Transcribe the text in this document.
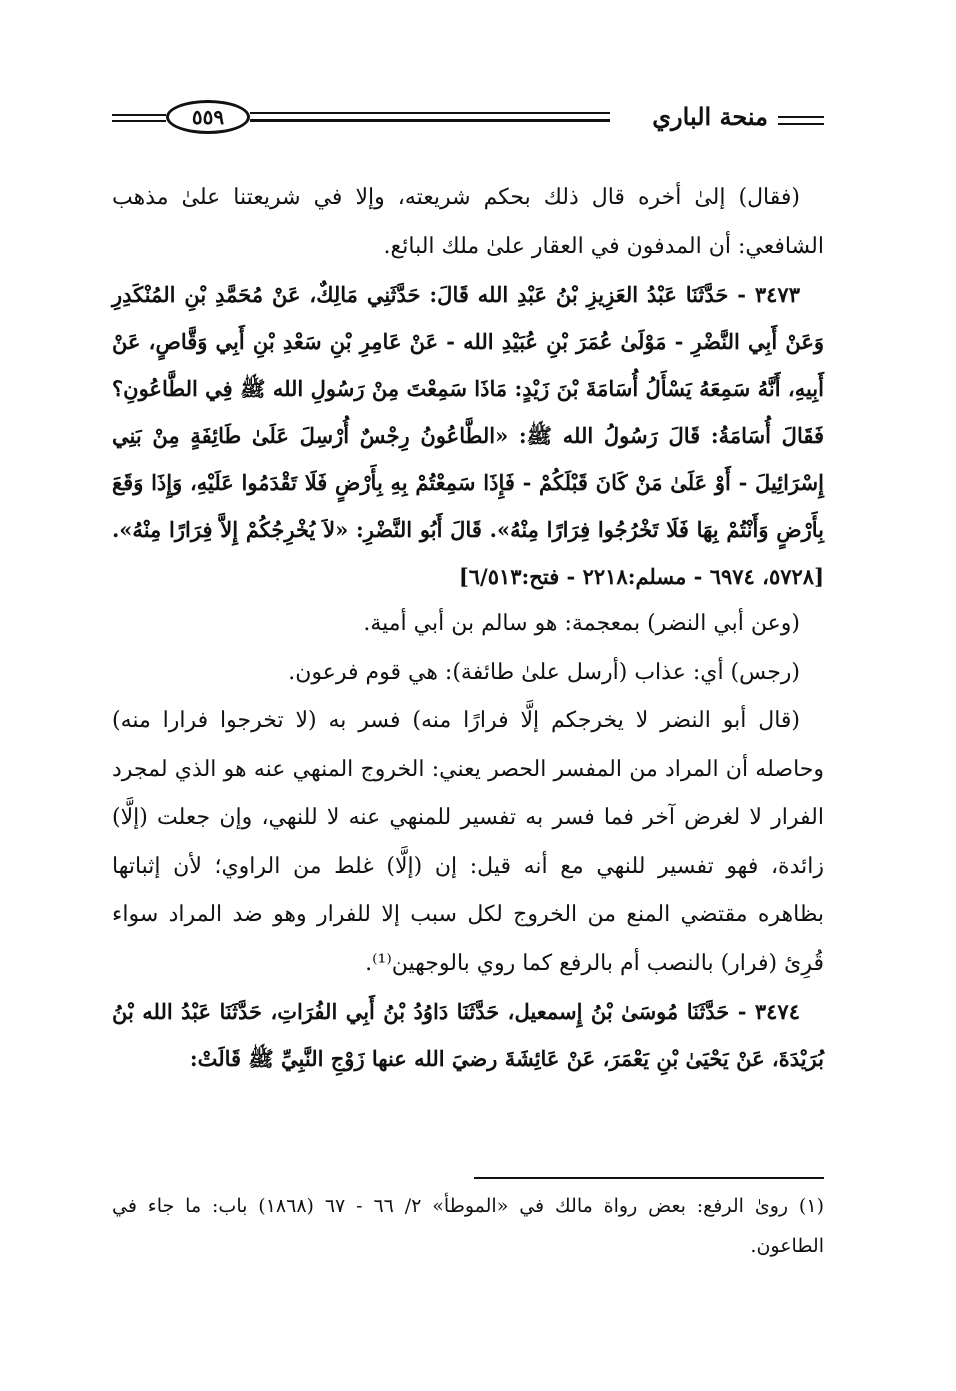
٥٥٩	منحة الباري

(فقال) إلىٰ أخره قال ذلك بحكم شريعته، وإلا في شريعتنا علىٰ مذهب الشافعي: أن المدفون في العقار علىٰ ملك البائع.

٣٤٧٣ - حَدَّثَنَا عَبْدُ العَزِيزِ بْنُ عَبْدِ الله قَالَ: حَدَّثَنِي مَالِكٌ، عَنْ مُحَمَّدِ بْنِ المُنْكَدِرِ وَعَنْ أَبِي النَّضْرِ - مَوْلَىٰ عُمَرَ بْنِ عُبَيْدِ الله - عَنْ عَامِرِ بْنِ سَعْدِ بْنِ أَبِي وَقَّاصٍ، عَنْ أَبِيهِ، أَنَّهُ سَمِعَهُ يَسْأَلُ أُسَامَةَ بْنَ زَيْدٍ: مَاذَا سَمِعْتَ مِنْ رَسُولِ الله ﷺ فِي الطَّاعُونِ؟ فَقَالَ أُسَامَةُ: قَالَ رَسُولُ الله ﷺ: «الطَّاعُونُ رِجْسٌ أُرْسِلَ عَلَىٰ طَائِفَةٍ مِنْ بَنِي إِسْرَائِيلَ - أَوْ عَلَىٰ مَنْ كَانَ قَبْلَكُمْ - فَإِذَا سَمِعْتُمْ بِهِ بِأَرْضٍ فَلَا تَقْدَمُوا عَلَيْهِ، وَإِذَا وَقَعَ بِأَرْضٍ وَأَنْتُمْ بِهَا فَلَا تَخْرُجُوا فِرَارًا مِنْهُ». قَالَ أَبُو النَّضْرِ: «لاَ يُخْرِجُكُمْ إِلاَّ فِرَارًا مِنْهُ». [٥٧٢٨، ٦٩٧٤ - مسلم:٢٢١٨ - فتح:٦/٥١٣]

(وعن أبي النضر) بمعجمة: هو سالم بن أبي أمية.

(رجس) أي: عذاب (أرسل علىٰ طائفة): هي قوم فرعون.

(قال أبو النضر لا يخرجكم إلَّا فرارًا منه) فسر به (لا تخرجوا فرارا منه) وحاصله أن المراد من المفسر الحصر يعني: الخروج المنهي عنه هو الذي لمجرد الفرار لا لغرض آخر فما فسر به تفسير للمنهي عنه لا للنهي، وإن جعلت (إلَّا) زائدة، فهو تفسير للنهي مع أنه قيل: إن (إلَّا) غلط من الراوي؛ لأن إثباتها بظاهره مقتضي المنع من الخروج لكل سبب إلا للفرار وهو ضد المراد سواء قُرِئ (فرار) بالنصب أم بالرفع كما روي بالوجهين⁽¹⁾.

٣٤٧٤ - حَدَّثَنَا مُوسَىٰ بْنُ إِسمعيل، حَدَّثَنَا دَاوُدُ بْنُ أَبِي الفُرَاتِ، حَدَّثَنَا عَبْدُ الله بْنُ بُرَيْدَةَ، عَنْ يَحْيَىٰ بْنِ يَعْمَرَ، عَنْ عَائِشَةَ رضيَ الله عنها زَوْجِ النَّبِيِّ ﷺ قَالَتْ:

(١) روىٰ الرفع: بعض رواة مالك في «الموطأ» ٢/ ٦٦ - ٦٧ (١٨٦٨) باب: ما جاء في الطاعون.
